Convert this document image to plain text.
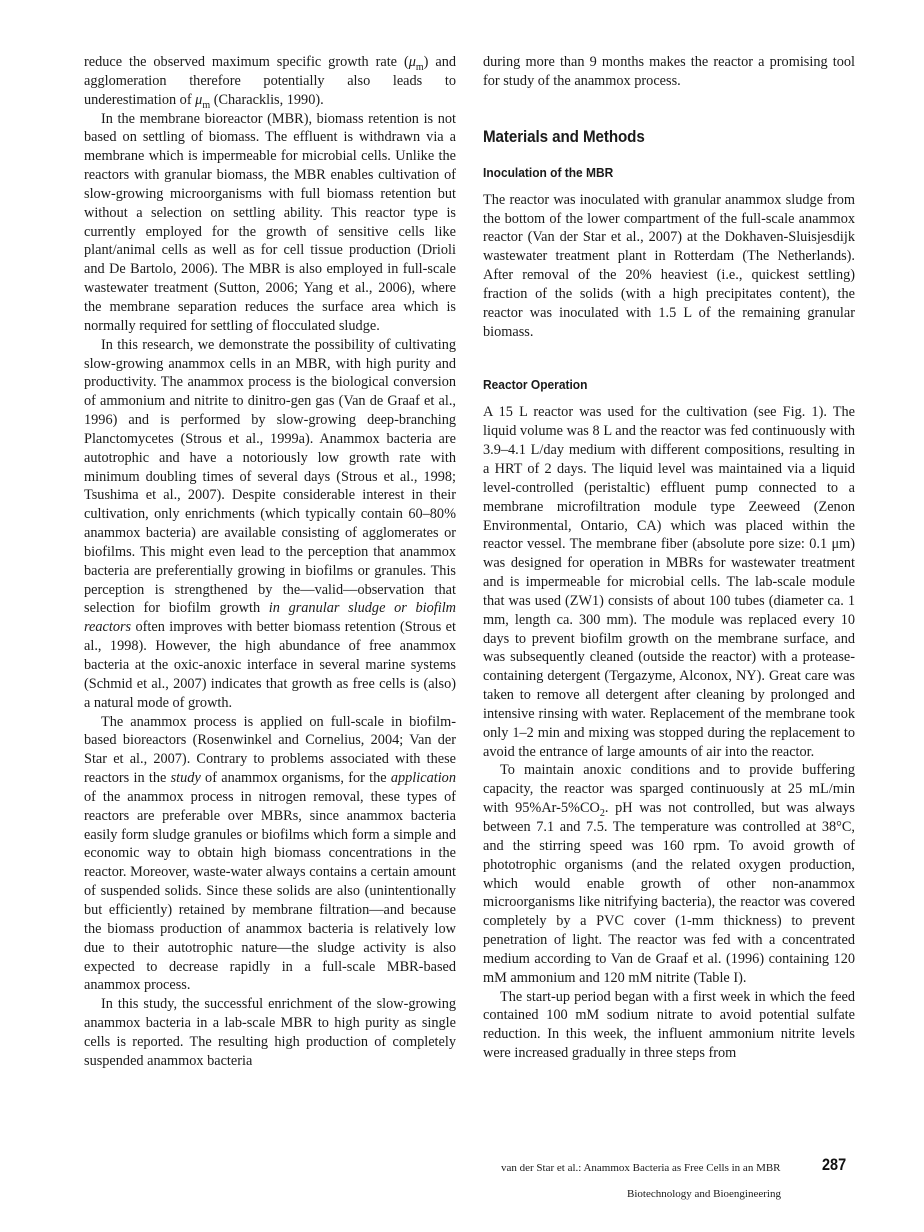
reduce the observed maximum specific growth rate $(\mu_m)$ and agglomeration therefore potentially also leads to underestimation of $\mu_m$ (Characklis, 1990).

In the membrane bioreactor (MBR), biomass retention is not based on settling of biomass. The effluent is withdrawn via a membrane which is impermeable for microbial cells. Unlike the reactors with granular biomass, the MBR enables cultivation of slow-growing microorganisms with full biomass retention but without a selection on settling ability. This reactor type is currently employed for the growth of sensitive cells like plant/animal cells as well as for cell tissue production (Drioli and De Bartolo, 2006). The MBR is also employed in full-scale wastewater treatment (Sutton, 2006; Yang et al., 2006), where the membrane separation reduces the surface area which is normally required for settling of flocculated sludge.

In this research, we demonstrate the possibility of cultivating slow-growing anammox cells in an MBR, with high purity and productivity. The anammox process is the biological conversion of ammonium and nitrite to dinitro-gen gas (Van de Graaf et al., 1996) and is performed by slow-growing deep-branching Planctomycetes (Strous et al., 1999a). Anammox bacteria are autotrophic and have a notoriously low growth rate with minimum doubling times of several days (Strous et al., 1998; Tsushima et al., 2007). Despite considerable interest in their cultivation, only enrichments (which typically contain 60–80% anammox bacteria) are available consisting of agglomerates or biofilms. This might even lead to the perception that anammox bacteria are preferentially growing in biofilms or granules. This perception is strengthened by the—valid—observation that selection for biofilm growth in granular sludge or biofilm reactors often improves with better biomass retention (Strous et al., 1998). However, the high abundance of free anammox bacteria at the oxic-anoxic interface in several marine systems (Schmid et al., 2007) indicates that growth as free cells is (also) a natural mode of growth.

The anammox process is applied on full-scale in biofilm-based bioreactors (Rosenwinkel and Cornelius, 2004; Van der Star et al., 2007). Contrary to problems associated with these reactors in the study of anammox organisms, for the application of the anammox process in nitrogen removal, these types of reactors are preferable over MBRs, since anammox bacteria easily form sludge granules or biofilms which form a simple and economic way to obtain high biomass concentrations in the reactor. Moreover, waste-water always contains a certain amount of suspended solids. Since these solids are also (unintentionally but efficiently) retained by membrane filtration—and because the biomass production of anammox bacteria is relatively low due to their autotrophic nature—the sludge activity is also expected to decrease rapidly in a full-scale MBR-based anammox process.

In this study, the successful enrichment of the slow-growing anammox bacteria in a lab-scale MBR to high purity as single cells is reported. The resulting high production of completely suspended anammox bacteria

during more than 9 months makes the reactor a promising tool for study of the anammox process.

Materials and Methods
Inoculation of the MBR

The reactor was inoculated with granular anammox sludge from the bottom of the lower compartment of the full-scale anammox reactor (Van der Star et al., 2007) at the Dokhaven-Sluisjesdijk wastewater treatment plant in Rotterdam (The Netherlands). After removal of the 20% heaviest (i.e., quickest settling) fraction of the solids (with a high precipitates content), the reactor was inoculated with 1.5 L of the remaining granular biomass.

Reactor Operation

A 15 L reactor was used for the cultivation (see Fig. 1). The liquid volume was 8 L and the reactor was fed continuously with 3.9–4.1 L/day medium with different compositions, resulting in a HRT of 2 days. The liquid level was maintained via a liquid level-controlled (peristaltic) effluent pump connected to a membrane microfiltration module type Zeeweed (Zenon Environmental, Ontario, CA) which was placed within the reactor vessel. The membrane fiber (absolute pore size: 0.1 μm) was designed for operation in MBRs for wastewater treatment and is impermeable for microbial cells. The lab-scale module that was used (ZW1) consists of about 100 tubes (diameter ca. 1 mm, length ca. 300 mm). The module was replaced every 10 days to prevent biofilm growth on the membrane surface, and was subsequently cleaned (outside the reactor) with a protease-containing detergent (Tergazyme, Alconox, NY). Great care was taken to remove all detergent after cleaning by prolonged and intensive rinsing with water. Replacement of the membrane took only 1–2 min and mixing was stopped during the replacement to avoid the entrance of large amounts of air into the reactor.

To maintain anoxic conditions and to provide buffering capacity, the reactor was sparged continuously at 25 mL/min with $95\%Ar-5\%CO_2$. pH was not controlled, but was always between 7.1 and 7.5. The temperature was controlled at 38°C, and the stirring speed was 160 rpm. To avoid growth of phototrophic organisms (and the related oxygen production, which would enable growth of other non-anammox microorganisms like nitrifying bacteria), the reactor was covered completely by a PVC cover (1-mm thickness) to prevent penetration of light. The reactor was fed with a concentrated medium according to Van de Graaf et al. (1996) containing 120 mM ammonium and 120 mM nitrite (Table I).

The start-up period began with a first week in which the feed contained 100 mM sodium nitrate to avoid potential sulfate reduction. In this week, the influent ammonium nitrite levels were increased gradually in three steps from

van der Star et al.: Anammox Bacteria as Free Cells in an MBR 287
Biotechnology and Bioengineering
